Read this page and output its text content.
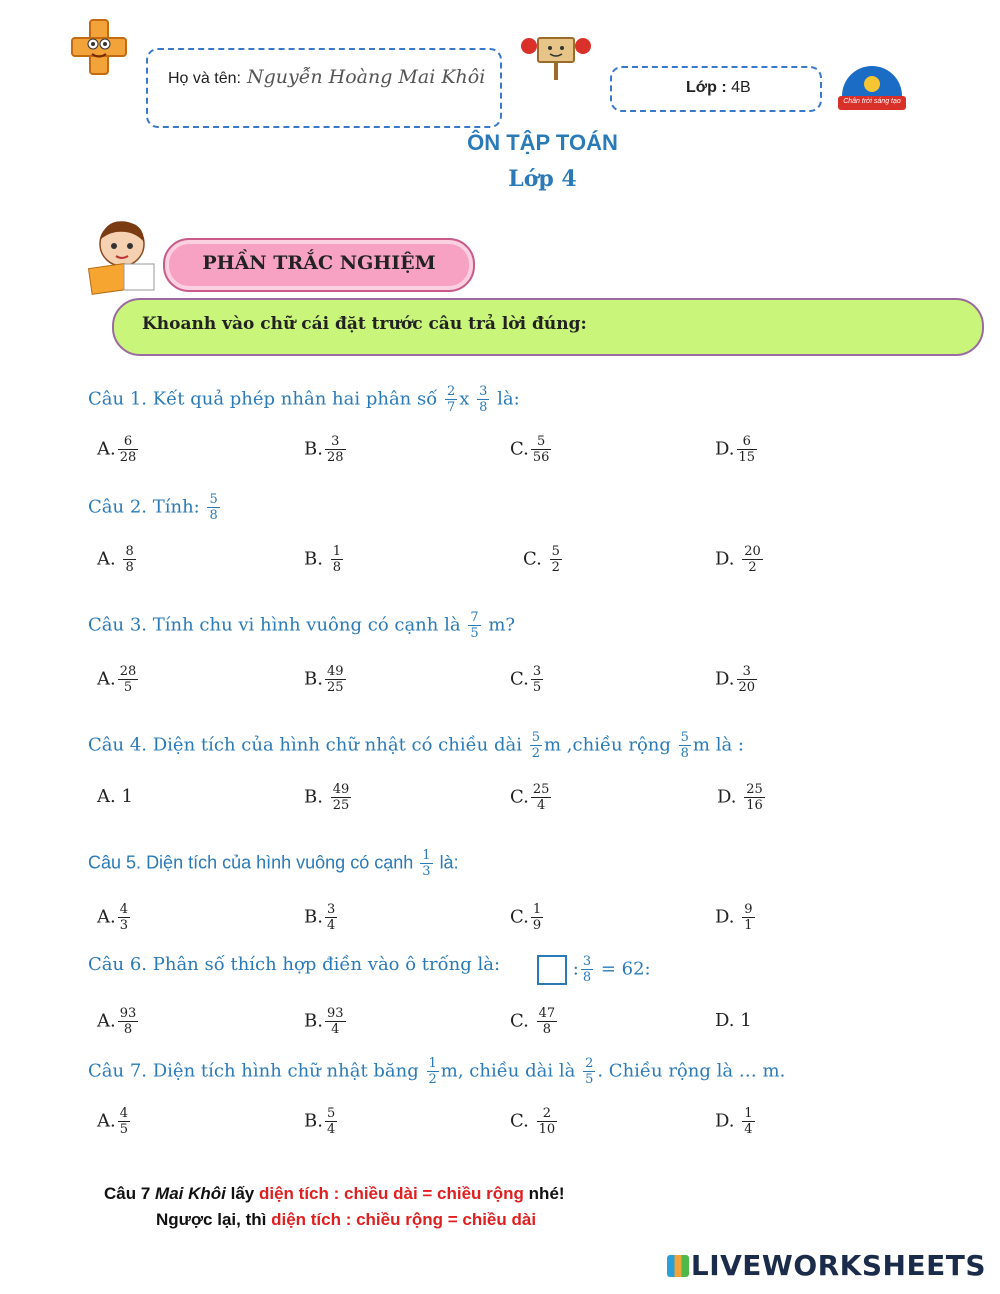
Họ và tên: Nguyễn Hoàng Mai Khôi	Lớp : 4B
Chân trời sáng tạo
ÔN TẬP TOÁN
Lớp 4
PHẦN TRẮC NGHIỆM
Khoanh vào chữ cái đặt trước câu trả lời đúng:
Câu 1. Kết quả phép nhân hai phân số $\frac{2}{7}$ x $\frac{3}{8}$ là:
A. $\frac{6}{28}$	B. $\frac{3}{28}$	C. $\frac{5}{56}$	D. $\frac{6}{15}$
Câu 2. Tính: $\frac{5}{8}$
A. $\frac{8}{8}$	B. $\frac{1}{8}$	C. $\frac{5}{2}$	D. $\frac{20}{2}$
Câu 3. Tính chu vi hình vuông có cạnh là $\frac{7}{5} m$?
A. $\frac{28}{5}$	B. $\frac{49}{25}$	C. $\frac{3}{5}$	D. $\frac{3}{20}$
Câu 4. Diện tích của hình chữ nhật có chiều dài $\frac{5}{2}$ m ,chiều rộng $\frac{5}{8}$ m là :
A. 1	B. $\frac{49}{25}$	C. $\frac{25}{4}$	D. $\frac{25}{16}$
Câu 5. Diện tích của hình vuông có cạnh $\frac{1}{3}$ là:
A. $\frac{4}{3}$	B. $\frac{3}{4}$	C. $\frac{1}{9}$	D. $\frac{9}{1}$
Câu 6. Phân số thích hợp điền vào ô trống là:	: $\frac{3}{8} = 62$:
A. $\frac{93}{8}$	B. $\frac{93}{4}$	C. $\frac{47}{8}$	D. 1
Câu 7. Diện tích hình chữ nhật băng $\frac{1}{2} m$, chiều dài là $\frac{2}{5}$ . Chiều rộng là … m.
A. $\frac{4}{5}$	B. $\frac{5}{4}$	C. $\frac{2}{10}$	D. $\frac{1}{4}$
Câu 7 Mai Khôi lấy diện tích : chiều dài = chiều rộng nhé!
Ngược lại, thì diện tích : chiều rộng = chiều dài
LIVEWORKSHEETS
